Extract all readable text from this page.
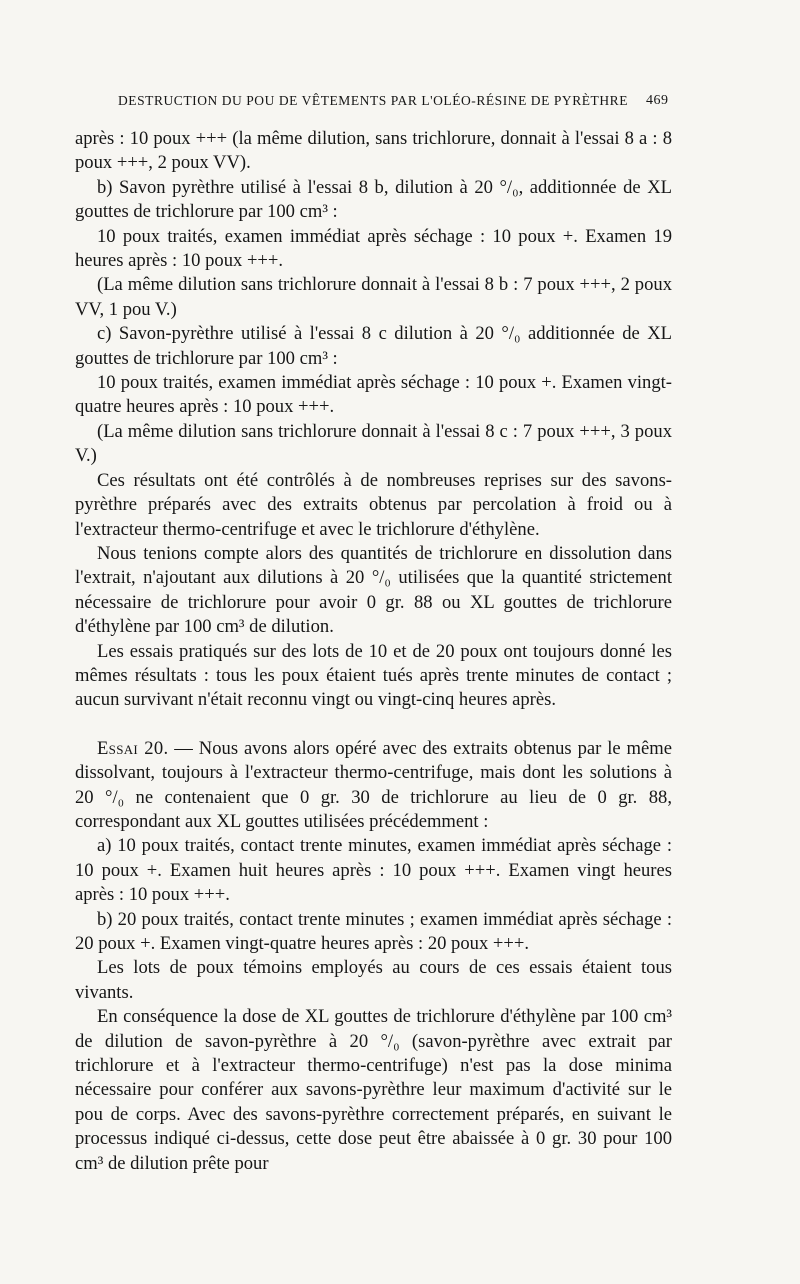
DESTRUCTION DU POU DE VÊTEMENTS PAR L'OLÉO-RÉSINE DE PYRÈTHRE 469

après : 10 poux +++ (la même dilution, sans trichlorure, donnait à l'essai 8 a : 8 poux +++, 2 poux VV).

b) Savon pyrèthre utilisé à l'essai 8 b, dilution à 20 °/₀, additionnée de XL gouttes de trichlorure par 100 cm³ :

10 poux traités, examen immédiat après séchage : 10 poux +. Examen 19 heures après : 10 poux +++.

(La même dilution sans trichlorure donnait à l'essai 8 b : 7 poux +++, 2 poux VV, 1 pou V.)

c) Savon-pyrèthre utilisé à l'essai 8 c dilution à 20 °/₀ additionnée de XL gouttes de trichlorure par 100 cm³ :

10 poux traités, examen immédiat après séchage : 10 poux +. Examen vingt-quatre heures après : 10 poux +++.

(La même dilution sans trichlorure donnait à l'essai 8 c : 7 poux +++, 3 poux V.)

Ces résultats ont été contrôlés à de nombreuses reprises sur des savons-pyrèthre préparés avec des extraits obtenus par percolation à froid ou à l'extracteur thermo-centrifuge et avec le trichlorure d'éthylène.

Nous tenions compte alors des quantités de trichlorure en dissolution dans l'extrait, n'ajoutant aux dilutions à 20 °/₀ utilisées que la quantité strictement nécessaire de trichlorure pour avoir 0 gr. 88 ou XL gouttes de trichlorure d'éthylène par 100 cm³ de dilution.

Les essais pratiqués sur des lots de 10 et de 20 poux ont toujours donné les mêmes résultats : tous les poux étaient tués après trente minutes de contact ; aucun survivant n'était reconnu vingt ou vingt-cinq heures après.

Essai 20. — Nous avons alors opéré avec des extraits obtenus par le même dissolvant, toujours à l'extracteur thermo-centrifuge, mais dont les solutions à 20 °/₀ ne contenaient que 0 gr. 30 de trichlorure au lieu de 0 gr. 88, correspondant aux XL gouttes utilisées précédemment :

a) 10 poux traités, contact trente minutes, examen immédiat après séchage : 10 poux +. Examen huit heures après : 10 poux +++. Examen vingt heures après : 10 poux +++.

b) 20 poux traités, contact trente minutes ; examen immédiat après séchage : 20 poux +. Examen vingt-quatre heures après : 20 poux +++.

Les lots de poux témoins employés au cours de ces essais étaient tous vivants.

En conséquence la dose de XL gouttes de trichlorure d'éthylène par 100 cm³ de dilution de savon-pyrèthre à 20 °/₀ (savon-pyrèthre avec extrait par trichlorure et à l'extracteur thermo-centrifuge) n'est pas la dose minima nécessaire pour conférer aux savons-pyrèthre leur maximum d'activité sur le pou de corps. Avec des savons-pyrèthre correctement préparés, en suivant le processus indiqué ci-dessus, cette dose peut être abaissée à 0 gr. 30 pour 100 cm³ de dilution prête pour
